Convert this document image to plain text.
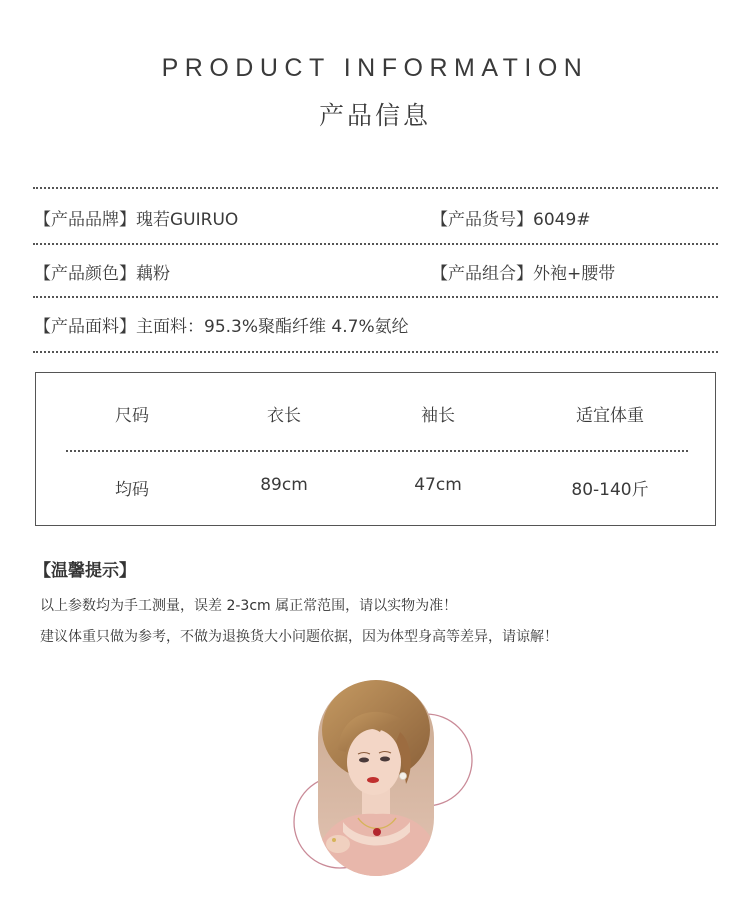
PRODUCT INFORMATION
产品信息
【产品品牌】瑰若GUIRUO	【产品货号】6049#
【产品颜色】藕粉	【产品组合】外袍+腰带
【产品面料】主面料：95.3%聚酯纤维 4.7%氨纶
尺码	衣长	袖长	适宜体重
均码	89cm	47cm	80-140斤
【温馨提示】
以上参数均为手工测量，误差 2-3cm 属正常范围，请以实物为准！
建议体重只做为参考，不做为退换货大小问题依据，因为体型身高等差异，请谅解！
